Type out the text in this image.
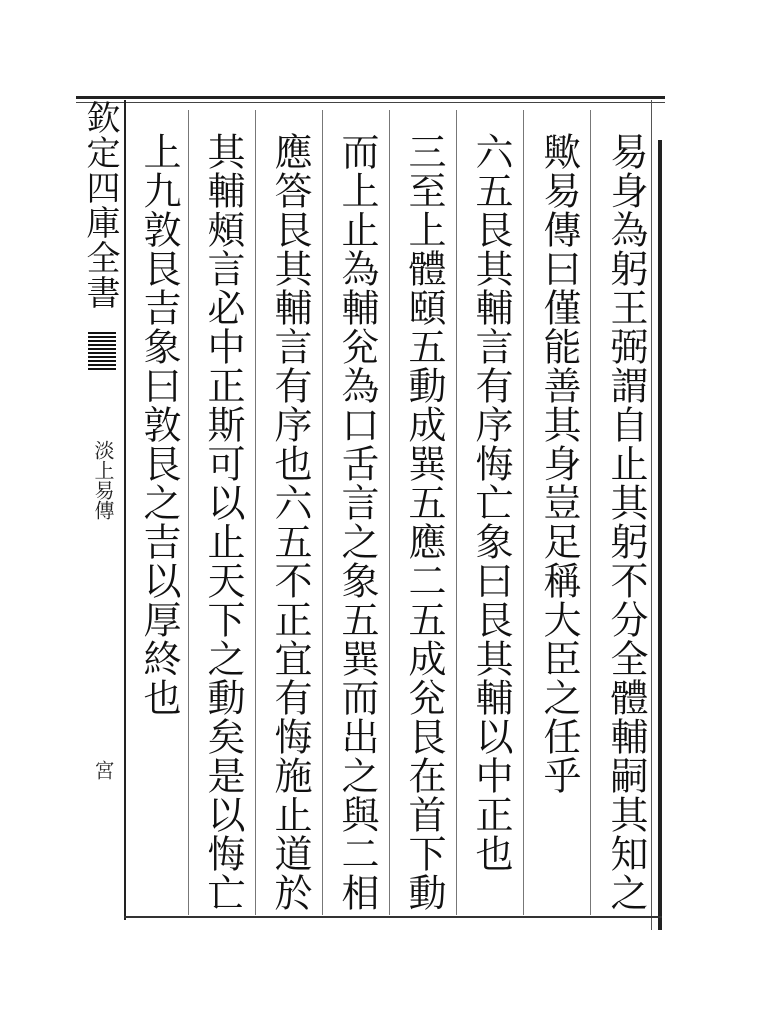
欽定四庫全書
淡上易傳
宮	易身為躬王弼謂自止其躬不分全體輔嗣其知之
歟易傳曰僅能善其身豈足稱大臣之任乎
六五艮其輔言有序悔亡象曰艮其輔以中正也
三至上體頤五動成巽五應二五成兊艮在首下動
而上止為輔兊為口舌言之象五巽而出之與二相
應答艮其輔言有序也六五不正宜有悔施止道於
其輔頰言必中正斯可以止天下之動矣是以悔亡
上九敦艮吉象曰敦艮之吉以厚終也
